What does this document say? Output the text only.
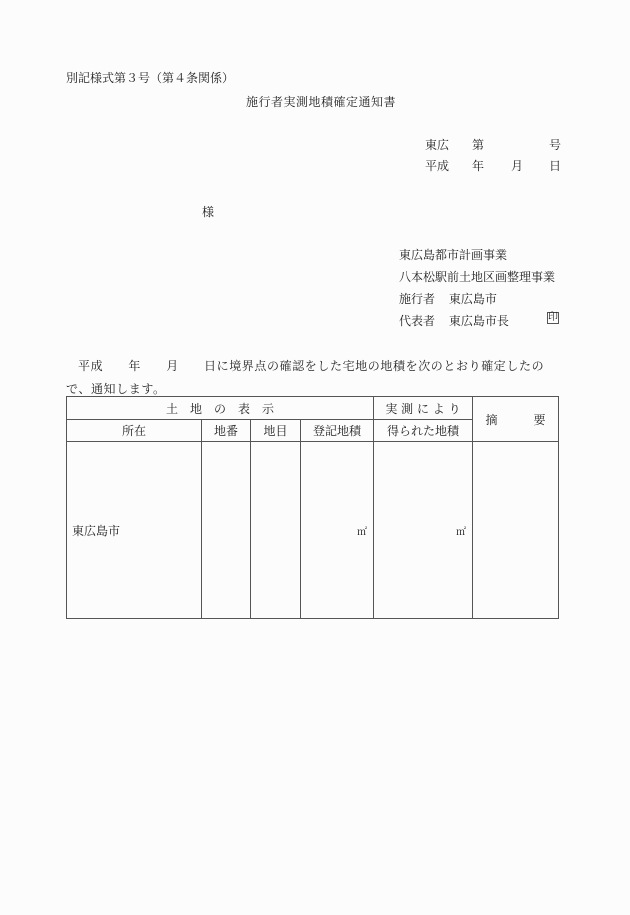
別記様式第３号（第４条関係）
施行者実測地積確定通知書
東広 第	号
平成 年 月 日
様
東広島都市計画事業
八本松駅前土地区画整理事業
施行者 東広島市
代表者 東広島市長	印
平成　　年　　月　　日に境界点の確認をした宅地の地積を次のとおり確定したので、通知します。
土　地　の　表　示				実 測 に よ り	摘　　　要
所在	地番	地目	登記地積	得られた地積	
東広島市			㎡	㎡	
